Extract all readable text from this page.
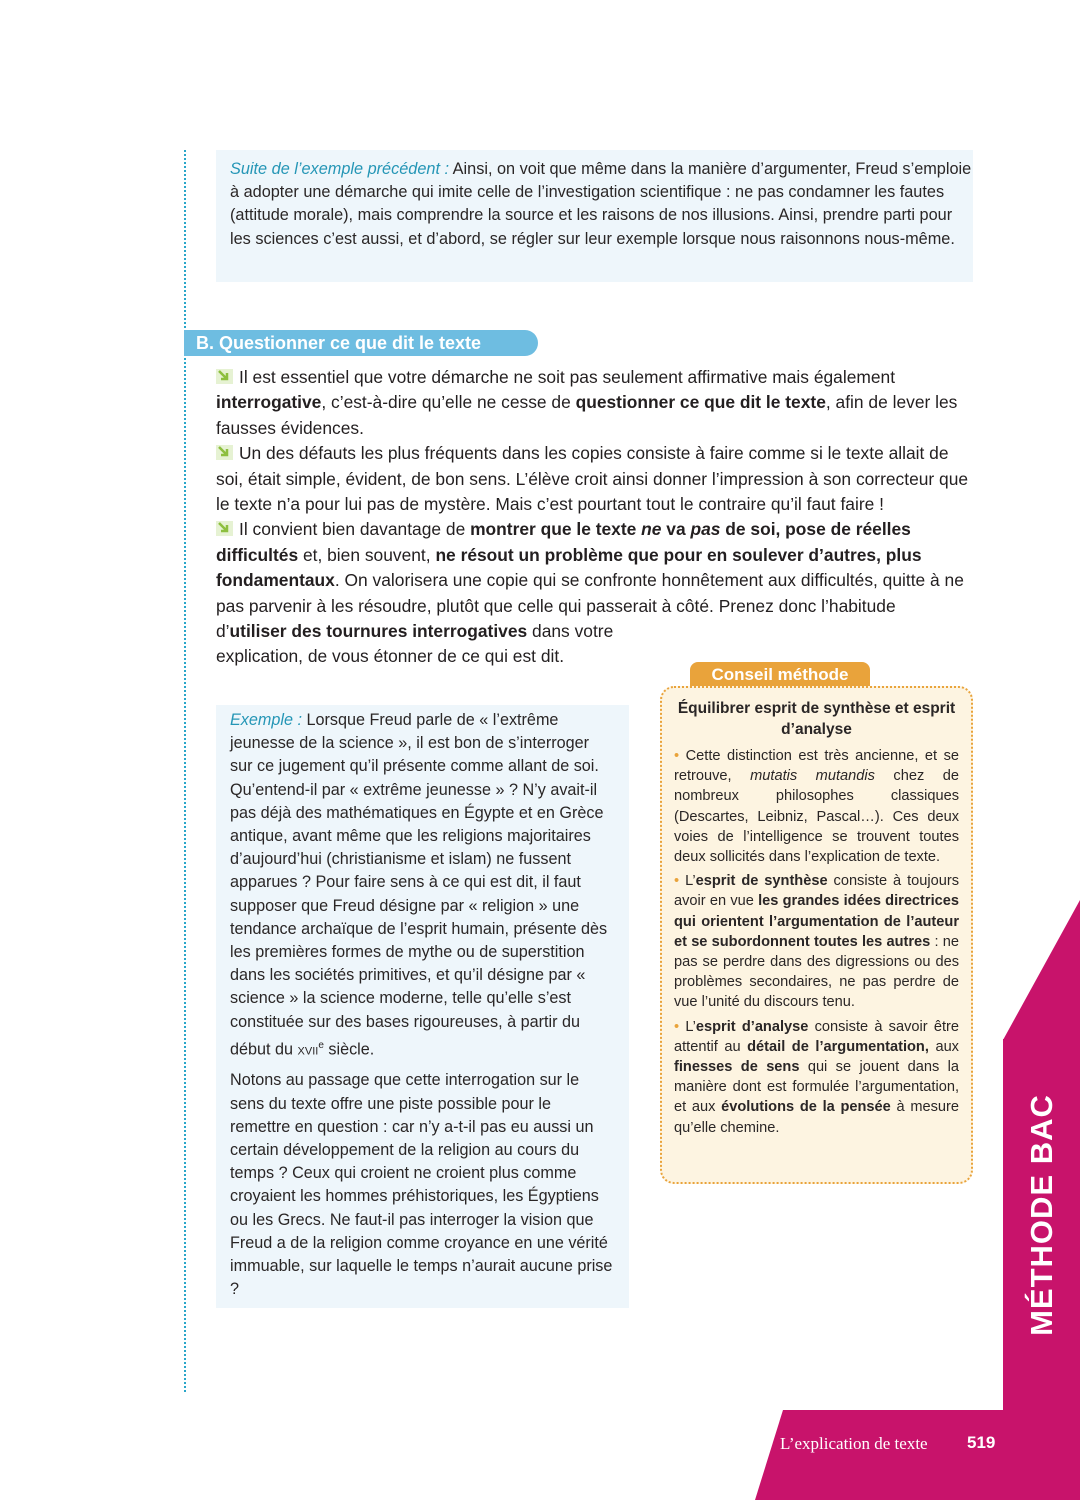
Suite de l’exemple précédent : Ainsi, on voit que même dans la manière d’argumenter, Freud s’emploie à adopter une démarche qui imite celle de l’investigation scientifique : ne pas condamner les fautes (attitude morale), mais comprendre la source et les raisons de nos illusions. Ainsi, prendre parti pour les sciences c’est aussi, et d’abord, se régler sur leur exemple lorsque nous raisonnons nous-même.
B. Questionner ce que dit le texte

Il est essentiel que votre démarche ne soit pas seulement affirmative mais également interrogative, c’est-à-dire qu’elle ne cesse de questionner ce que dit le texte, afin de lever les fausses évidences.

Un des défauts les plus fréquents dans les copies consiste à faire comme si le texte allait de soi, était simple, évident, de bon sens. L’élève croit ainsi donner l’impression à son correcteur que le texte n’a pour lui pas de mystère. Mais c’est pourtant tout le contraire qu’il faut faire !

Il convient bien davantage de montrer que le texte ne va pas de soi, pose de réelles difficultés et, bien souvent, ne résout un problème que pour en soulever d’autres, plus fondamentaux. On valorisera une copie qui se confronte honnêtement aux difficultés, quitte à ne pas parvenir à les résoudre, plutôt que celle qui passerait à côté. Prenez donc l’habitude

d’utiliser des tournures interrogatives dans votre explication, de vous étonner de ce qui est dit.

Exemple : Lorsque Freud parle de « l’extrême jeunesse de la science », il est bon de s’interroger sur ce jugement qu’il présente comme allant de soi. Qu’entend-il par « extrême jeunesse » ? N’y avait-il pas déjà des mathématiques en Égypte et en Grèce antique, avant même que les religions majoritaires d’aujourd’hui (christianisme et islam) ne fussent apparues ? Pour faire sens à ce qui est dit, il faut supposer que Freud désigne par « religion » une tendance archaïque de l’esprit humain, présente dès les premières formes de mythe ou de superstition dans les sociétés primitives, et qu’il désigne par « science » la science moderne, telle qu’elle s’est constituée sur des bases rigoureuses, à partir du début du xvii$^e$ siècle.

Notons au passage que cette interrogation sur le sens du texte offre une piste possible pour le remettre en question : car n’y a-t-il pas eu aussi un certain développement de la religion au cours du temps ? Ceux qui croient ne croient plus comme croyaient les hommes préhistoriques, les Égyptiens ou les Grecs. Ne faut-il pas interroger la vision que Freud a de la religion comme croyance en une vérité immuable, sur laquelle le temps n’aurait aucune prise ?

Conseil méthode
Équilibrer esprit de synthèse et esprit d’analyse

• Cette distinction est très ancienne, et se retrouve, mutatis mutandis chez de nombreux philosophes classiques (Descartes, Leibniz, Pascal…). Ces deux voies de l’intelligence se trouvent toutes deux sollicités dans l’explication de texte.

• L’esprit de synthèse consiste à toujours avoir en vue les grandes idées directrices qui orientent l’argumentation de l’auteur et se subordonnent toutes les autres : ne pas se perdre dans des digressions ou des problèmes secondaires, ne pas perdre de vue l’unité du discours tenu.

• L’esprit d’analyse consiste à savoir être attentif au détail de l’argumentation, aux finesses de sens qui se jouent dans la manière dont est formulée l’argumentation, et aux évolutions de la pensée à mesure qu’elle chemine.	MÉTHODE BAC
L’explication de texte 519
